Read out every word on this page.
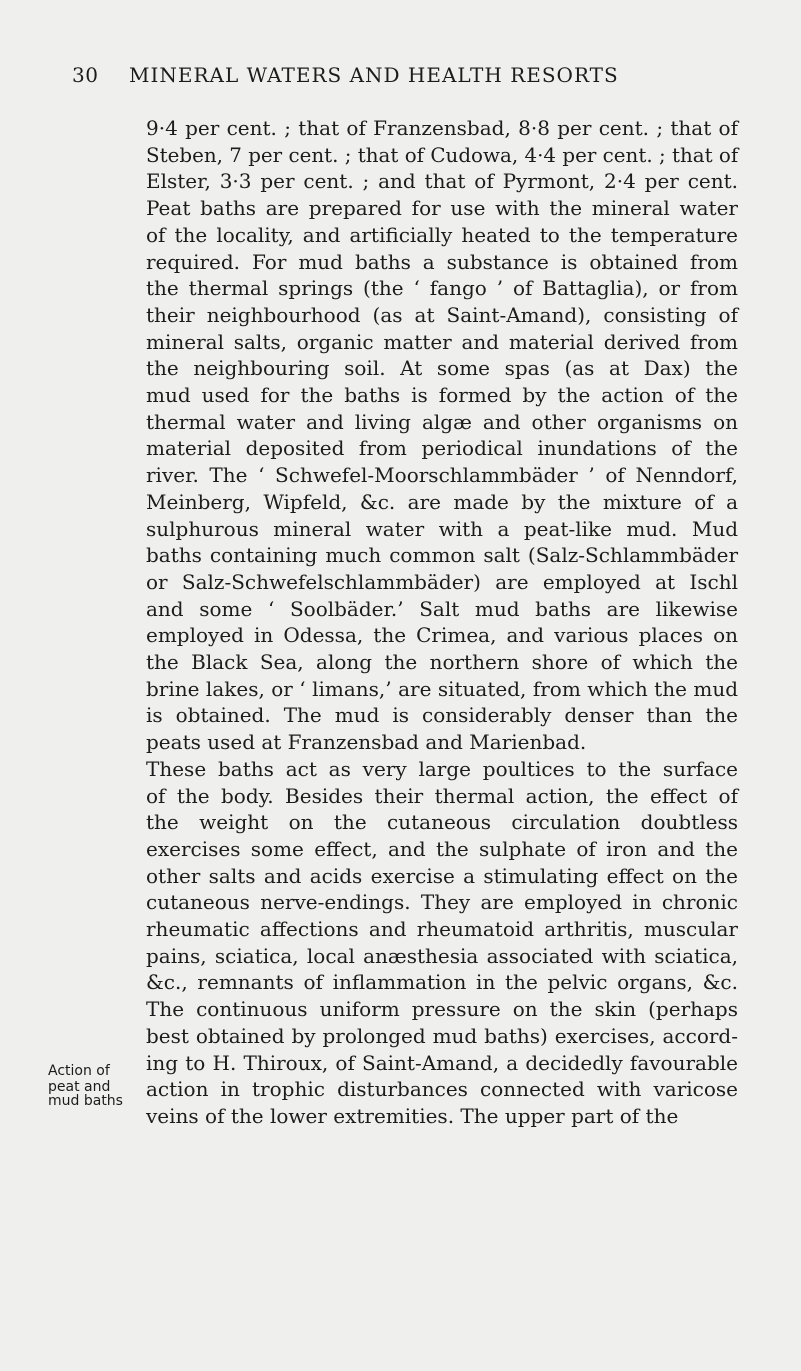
30 MINERAL WATERS AND HEALTH RESORTS
Action of
peat and
mud baths
9·4 per cent. ; that of Franzensbad, 8·8 per cent. ; that of
Steben, 7 per cent. ; that of Cudowa, 4·4 per cent. ; that of
Elster, 3·3 per cent. ; and that of Pyrmont, 2·4 per cent.
Peat baths are prepared for use with the mineral water
of the locality, and artificially heated to the temperature
required. For mud baths a substance is obtained from
the thermal springs (the ‘ fango ’ of Battaglia), or from
their neighbourhood (as at Saint-Amand), consisting of
mineral salts, organic matter and material derived from
the neighbouring soil. At some spas (as at Dax) the
mud used for the baths is formed by the action of the
thermal water and living algæ and other organisms on
material deposited from periodical inundations of the
river. The ‘ Schwefel-Moorschlammbäder ’ of Nenndorf,
Meinberg, Wipfeld, &c. are made by the mixture of a
sulphurous mineral water with a peat-like mud. Mud
baths containing much common salt (Salz-Schlammbäder
or Salz-Schwefelschlammbäder) are employed at Ischl
and some ‘ Soolbäder.’ Salt mud baths are likewise
employed in Odessa, the Crimea, and various places on
the Black Sea, along the northern shore of which the
brine lakes, or ‘ limans,’ are situated, from which the mud
is obtained. The mud is considerably denser than the
peats used at Franzensbad and Marienbad.
These baths act as very large poultices to the surface
of the body. Besides their thermal action, the effect of
the weight on the cutaneous circulation doubtless
exercises some effect, and the sulphate of iron and the
other salts and acids exercise a stimulating effect on the
cutaneous nerve-endings. They are employed in chronic
rheumatic affections and rheumatoid arthritis, muscular
pains, sciatica, local anæsthesia associated with sciatica,
&c., remnants of inflammation in the pelvic organs, &c.
The continuous uniform pressure on the skin (perhaps
best obtained by prolonged mud baths) exercises, accord-
ing to H. Thiroux, of Saint-Amand, a decidedly favourable
action in trophic disturbances connected with varicose
veins of the lower extremities. The upper part of the
